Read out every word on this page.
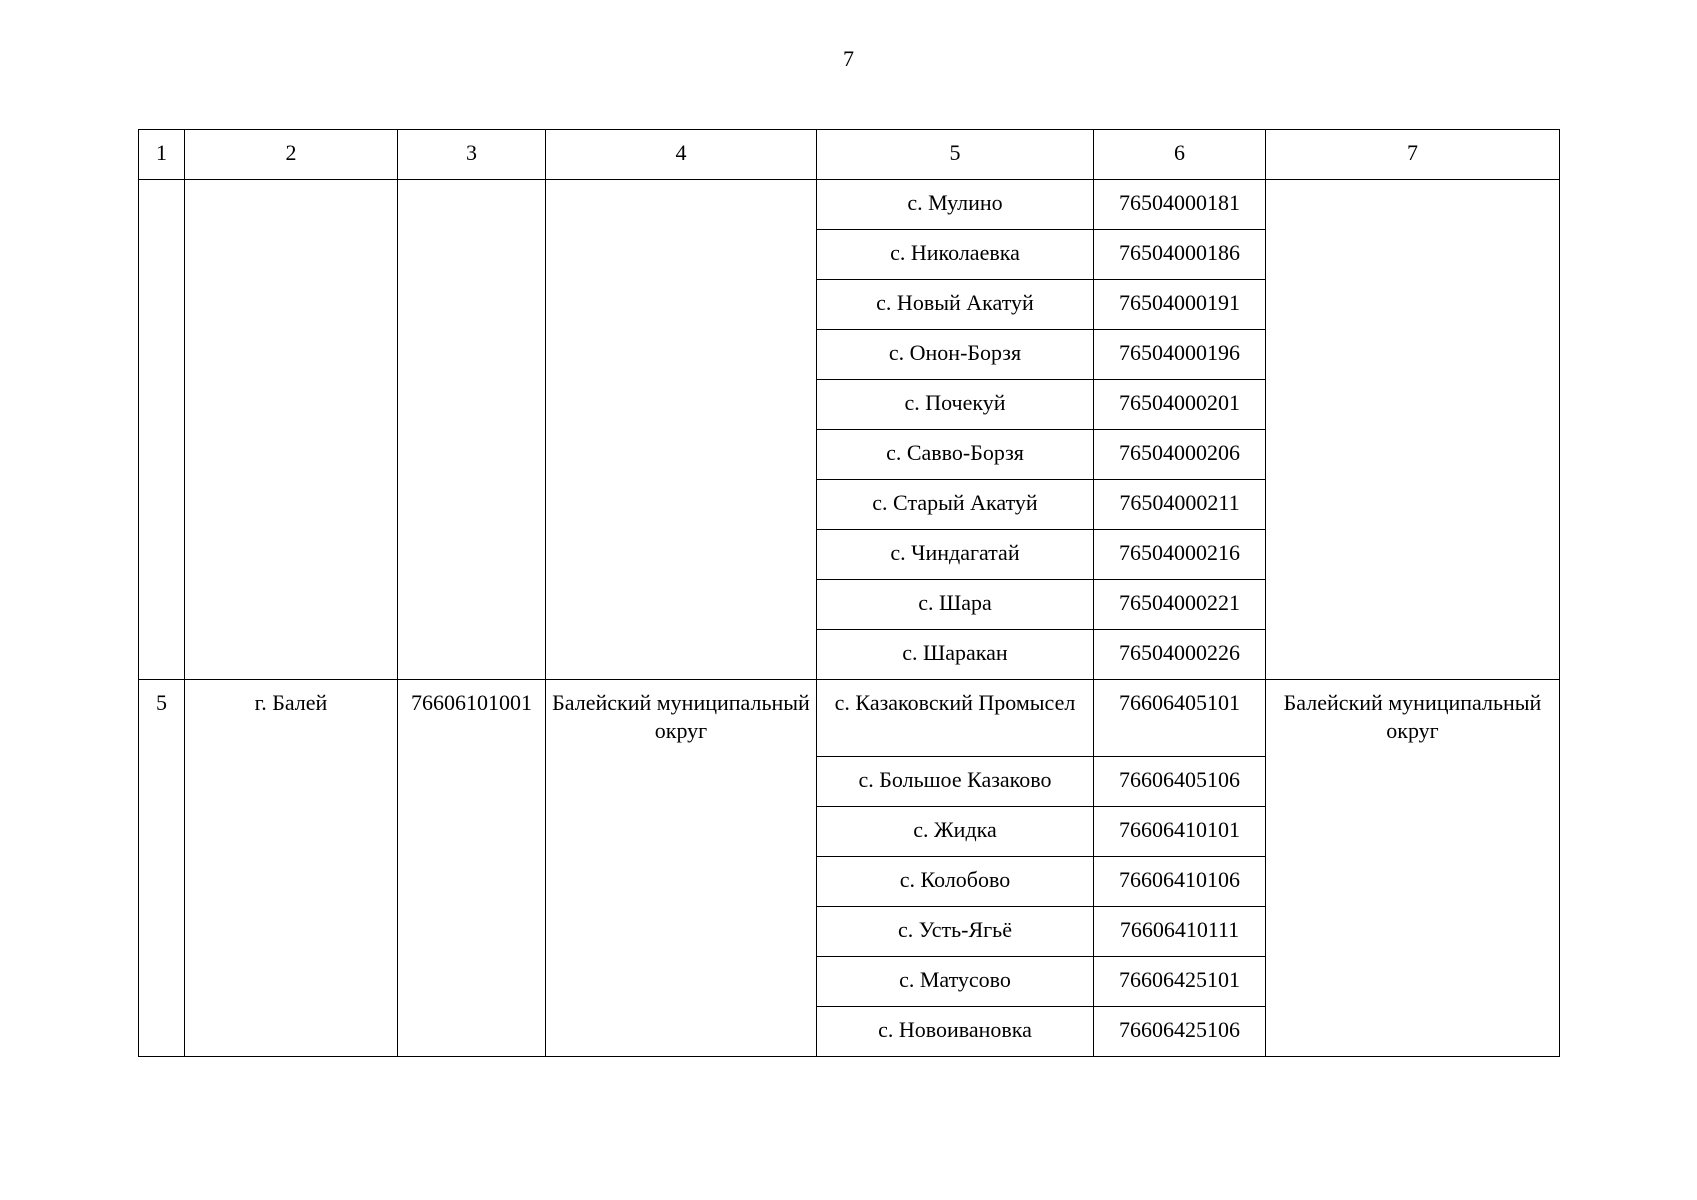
7
1	2	3	4	5	6	7
				с. Мулино	76504000181	
				с. Николаевка	76504000186	
				с. Новый Акатуй	76504000191	
				с. Онон-Борзя	76504000196	
				с. Почекуй	76504000201	
				с. Савво-Борзя	76504000206	
				с. Старый Акатуй	76504000211	
				с. Чиндагатай	76504000216	
				с. Шара	76504000221	
				с. Шаракан	76504000226	
5	г. Балей	76606101001	Балейский муниципальный округ	с. Казаковский Промысел	76606405101	Балейский муниципальный округ
				с. Большое Казаково	76606405106	
				с. Жидка	76606410101	
				с. Колобово	76606410106	
				с. Усть-Ягьё	76606410111	
				с. Матусово	76606425101	
				с. Новоивановка	76606425106	
